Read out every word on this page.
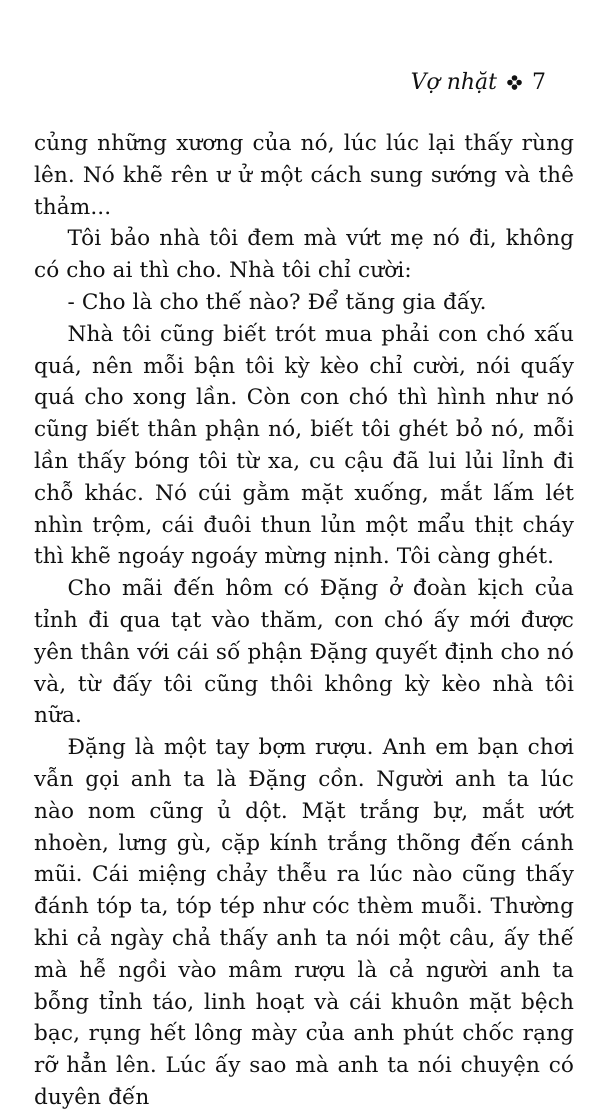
Vợ nhặt 7

củng những xương của nó, lúc lúc lại thấy rùng lên. Nó khẽ rên ư ử một cách sung sướng và thê thảm...

Tôi bảo nhà tôi đem mà vứt mẹ nó đi, không có cho ai thì cho. Nhà tôi chỉ cười:

- Cho là cho thế nào? Để tăng gia đấy.

Nhà tôi cũng biết trót mua phải con chó xấu quá, nên mỗi bận tôi kỳ kèo chỉ cười, nói quấy quá cho xong lần. Còn con chó thì hình như nó cũng biết thân phận nó, biết tôi ghét bỏ nó, mỗi lần thấy bóng tôi từ xa, cu cậu đã lui lủi lỉnh đi chỗ khác. Nó cúi gằm mặt xuống, mắt lấm lét nhìn trộm, cái đuôi thun lủn một mẩu thịt cháy thì khẽ ngoáy ngoáy mừng nịnh. Tôi càng ghét.

Cho mãi đến hôm có Đặng ở đoàn kịch của tỉnh đi qua tạt vào thăm, con chó ấy mới được yên thân với cái số phận Đặng quyết định cho nó và, từ đấy tôi cũng thôi không kỳ kèo nhà tôi nữa.

Đặng là một tay bợm rượu. Anh em bạn chơi vẫn gọi anh ta là Đặng cồn. Người anh ta lúc nào nom cũng ủ dột. Mặt trắng bự, mắt ướt nhoèn, lưng gù, cặp kính trắng thõng đến cánh mũi. Cái miệng chảy thễu ra lúc nào cũng thấy đánh tóp ta, tóp tép như cóc thèm muỗi. Thường khi cả ngày chả thấy anh ta nói một câu, ấy thế mà hễ ngồi vào mâm rượu là cả người anh ta bỗng tỉnh táo, linh hoạt và cái khuôn mặt bệch bạc, rụng hết lông mày của anh phút chốc rạng rỡ hẳn lên. Lúc ấy sao mà anh ta nói chuyện có duyên đến
